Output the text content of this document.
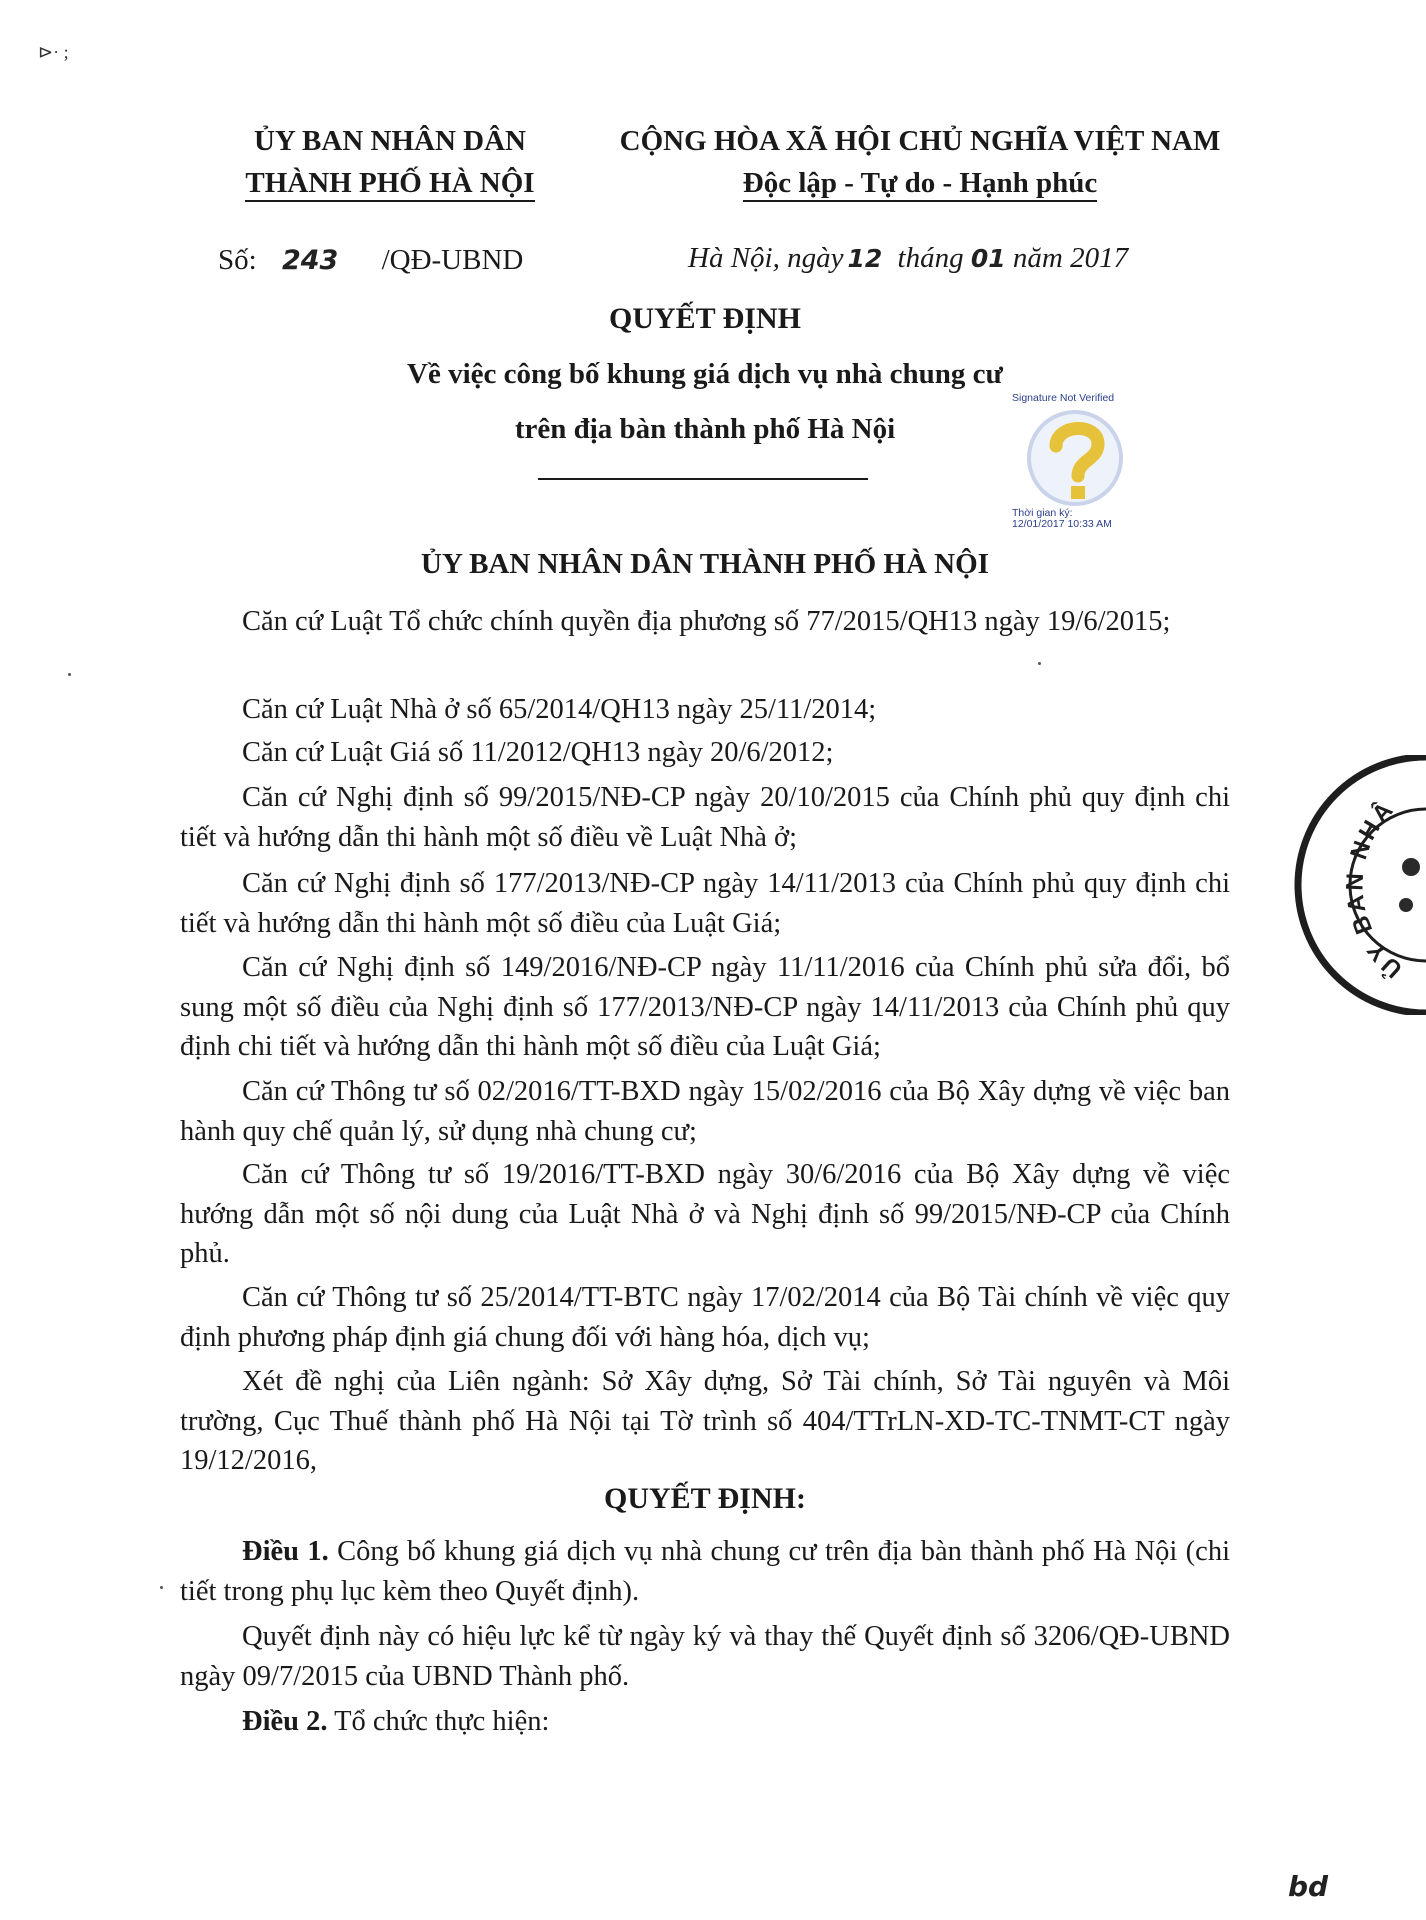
⊳· ;
ỦY BAN NHÂN DÂN
THÀNH PHỐ HÀ NỘI
CỘNG HÒA XÃ HỘI CHỦ NGHĨA VIỆT NAM
Độc lập - Tự do - Hạnh phúc
Số: 243 /QĐ-UBND	Hà Nội, ngày 12 tháng 01 năm 2017
QUYẾT ĐỊNH
Về việc công bố khung giá dịch vụ nhà chung cư
trên địa bàn thành phố Hà Nội
Signature Not Verified
Thời gian ký:
12/01/2017 10:33 AM
ỦY BAN NHÂN DÂN THÀNH PHỐ HÀ NỘI
Căn cứ Luật Tổ chức chính quyền địa phương số 77/2015/QH13 ngày 19/6/2015;
Căn cứ Luật Nhà ở số 65/2014/QH13 ngày 25/11/2014;
Căn cứ Luật Giá số 11/2012/QH13 ngày 20/6/2012;
Căn cứ Nghị định số 99/2015/NĐ-CP ngày 20/10/2015 của Chính phủ quy định chi tiết và hướng dẫn thi hành một số điều về Luật Nhà ở;
Căn cứ Nghị định số 177/2013/NĐ-CP ngày 14/11/2013 của Chính phủ quy định chi tiết và hướng dẫn thi hành một số điều của Luật Giá;
Căn cứ Nghị định số 149/2016/NĐ-CP ngày 11/11/2016 của Chính phủ sửa đổi, bổ sung một số điều của Nghị định số 177/2013/NĐ-CP ngày 14/11/2013 của Chính phủ quy định chi tiết và hướng dẫn thi hành một số điều của Luật Giá;
Căn cứ Thông tư số 02/2016/TT-BXD ngày 15/02/2016 của Bộ Xây dựng về việc ban hành quy chế quản lý, sử dụng nhà chung cư;
Căn cứ Thông tư số 19/2016/TT-BXD ngày 30/6/2016 của Bộ Xây dựng về việc hướng dẫn một số nội dung của Luật Nhà ở và Nghị định số 99/2015/NĐ-CP của Chính phủ.
Căn cứ Thông tư số 25/2014/TT-BTC ngày 17/02/2014 của Bộ Tài chính về việc quy định phương pháp định giá chung đối với hàng hóa, dịch vụ;
Xét đề nghị của Liên ngành: Sở Xây dựng, Sở Tài chính, Sở Tài nguyên và Môi trường, Cục Thuế thành phố Hà Nội tại Tờ trình số 404/TTrLN-XD-TC-TNMT-CT ngày 19/12/2016,
QUYẾT ĐỊNH:
Điều 1. Công bố khung giá dịch vụ nhà chung cư trên địa bàn thành phố Hà Nội (chi tiết trong phụ lục kèm theo Quyết định).
Quyết định này có hiệu lực kể từ ngày ký và thay thế Quyết định số 3206/QĐ-UBND ngày 09/7/2015 của UBND Thành phố.
Điều 2. Tổ chức thực hiện:
ỦY BAN NHÂ
bd
